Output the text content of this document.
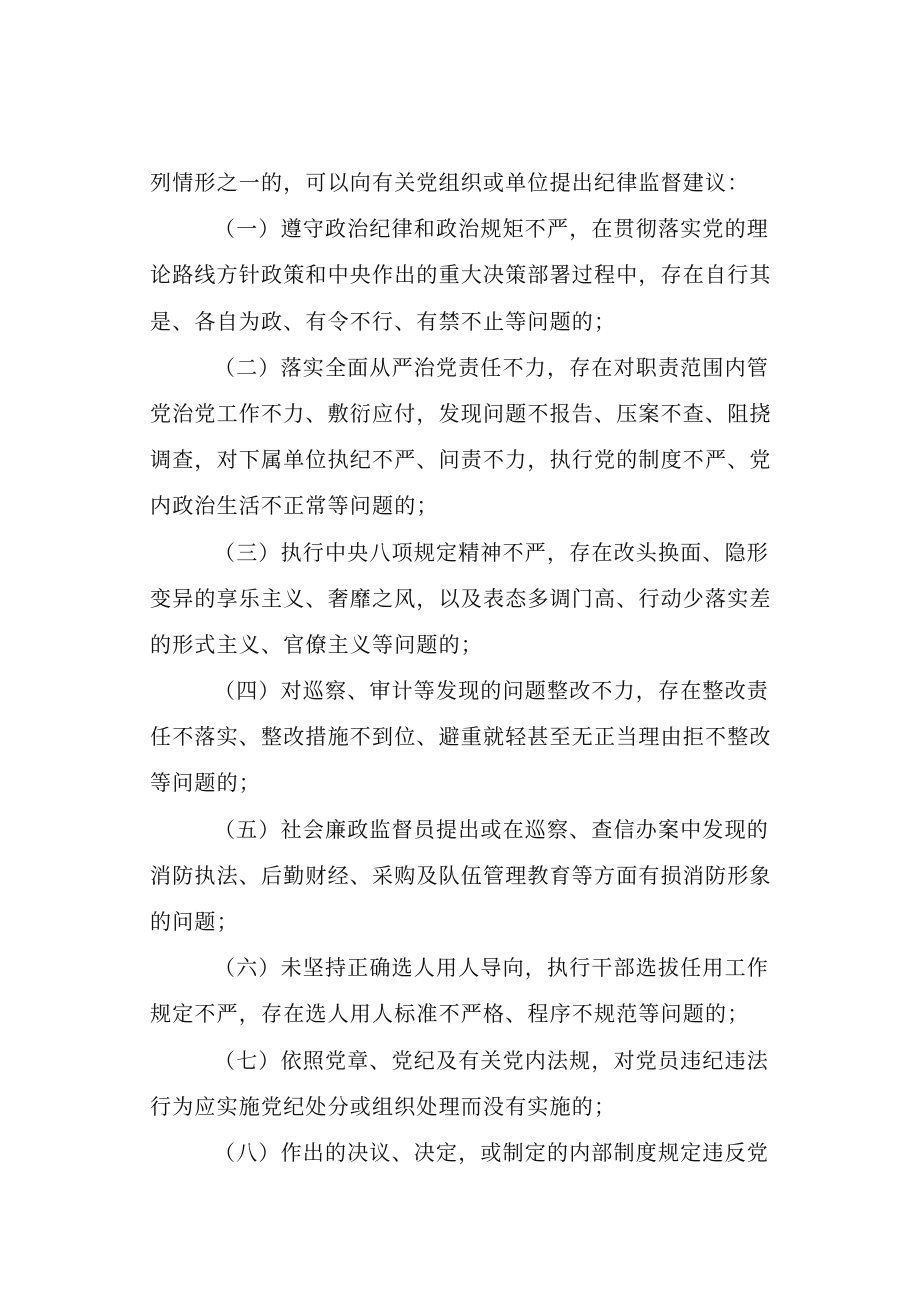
列情形之一的，可以向有关党组织或单位提出纪律监督建议：
（一）遵守政治纪律和政治规矩不严，在贯彻落实党的理
论路线方针政策和中央作出的重大决策部署过程中，存在自行其
是、各自为政、有令不行、有禁不止等问题的；
（二）落实全面从严治党责任不力，存在对职责范围内管
党治党工作不力、敷衍应付，发现问题不报告、压案不查、阻挠
调查，对下属单位执纪不严、问责不力，执行党的制度不严、党
内政治生活不正常等问题的；
（三）执行中央八项规定精神不严，存在改头换面、隐形
变异的享乐主义、奢靡之风，以及表态多调门高、行动少落实差
的形式主义、官僚主义等问题的；
（四）对巡察、审计等发现的问题整改不力，存在整改责
任不落实、整改措施不到位、避重就轻甚至无正当理由拒不整改
等问题的；
（五）社会廉政监督员提出或在巡察、查信办案中发现的
消防执法、后勤财经、采购及队伍管理教育等方面有损消防形象
的问题；
（六）未坚持正确选人用人导向，执行干部选拔任用工作
规定不严，存在选人用人标准不严格、程序不规范等问题的；
（七）依照党章、党纪及有关党内法规，对党员违纪违法
行为应实施党纪处分或组织处理而没有实施的；
（八）作出的决议、决定，或制定的内部制度规定违反党
